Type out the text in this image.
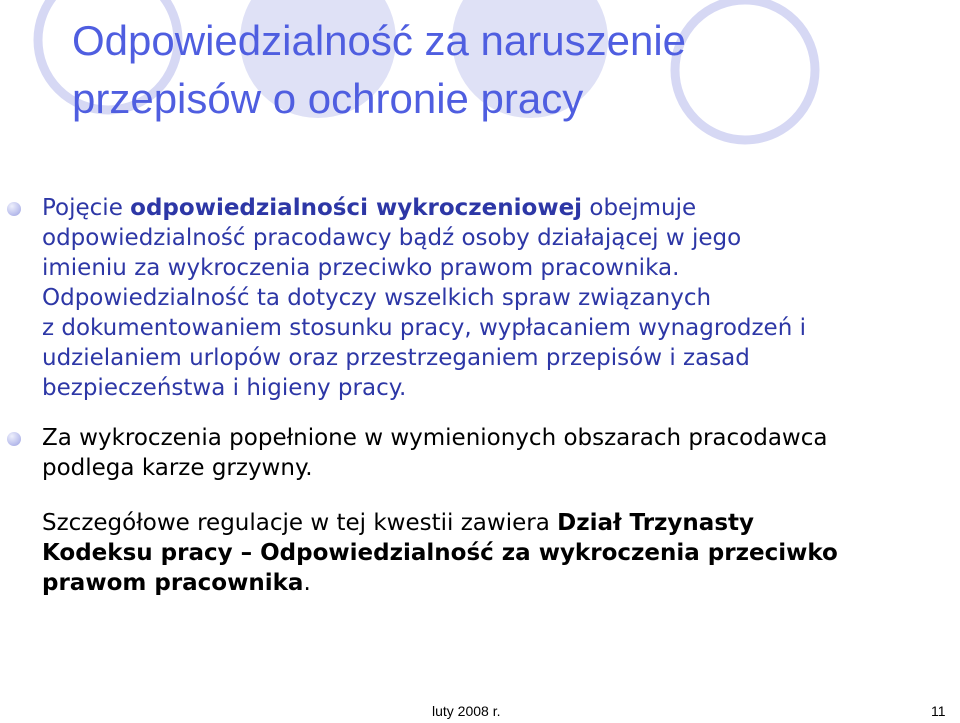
Odpowiedzialność za naruszenie
przepisów o ochronie pracy
Pojęcie odpowiedzialności wykroczeniowej obejmuje
odpowiedzialność pracodawcy bądź osoby działającej w jego
imieniu za wykroczenia przeciwko prawom pracownika.
Odpowiedzialność ta dotyczy wszelkich spraw związanych
z dokumentowaniem stosunku pracy, wypłacaniem wynagrodzeń i
udzielaniem urlopów oraz przestrzeganiem przepisów i zasad
bezpieczeństwa i higieny pracy.
Za wykroczenia popełnione w wymienionych obszarach pracodawca
podlega karze grzywny.
Szczegółowe regulacje w tej kwestii zawiera Dział Trzynasty
Kodeksu pracy – Odpowiedzialność za wykroczenia przeciwko
prawom pracownika.
luty 2008 r.	11
